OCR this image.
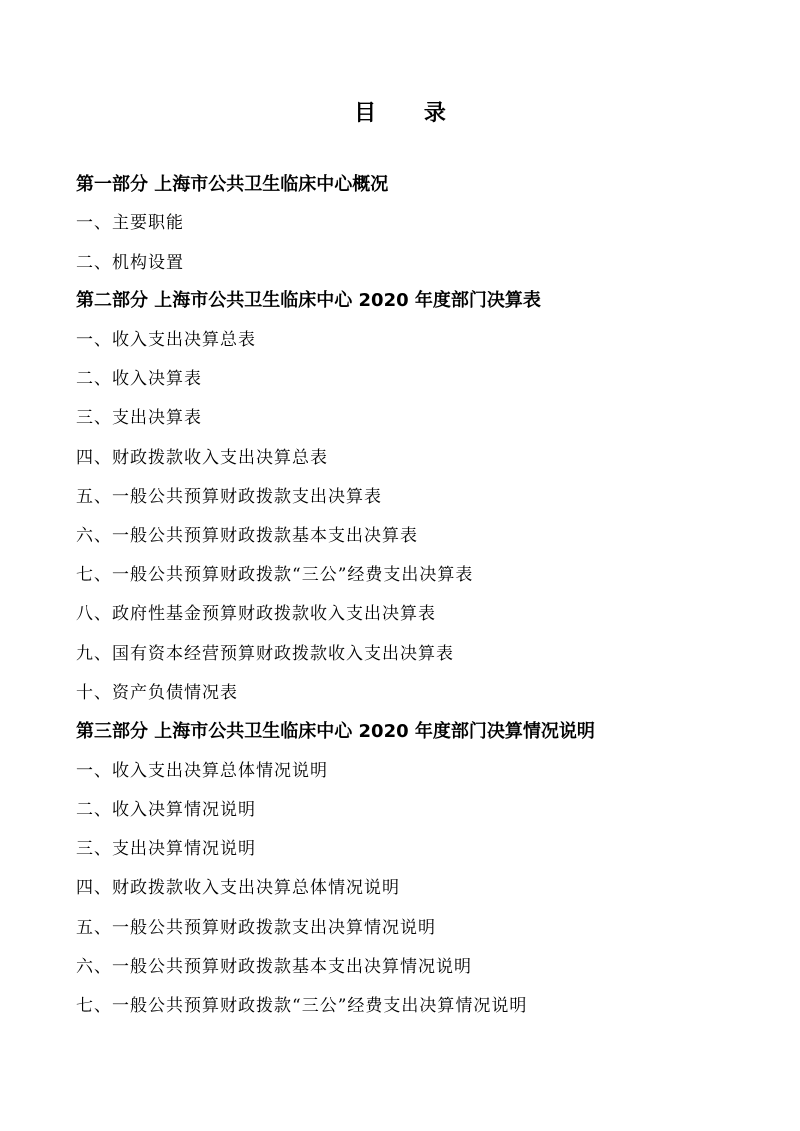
目 录
第一部分 上海市公共卫生临床中心概况
一、主要职能
二、机构设置
第二部分 上海市公共卫生临床中心 2020 年度部门决算表
一、收入支出决算总表
二、收入决算表
三、支出决算表
四、财政拨款收入支出决算总表
五、一般公共预算财政拨款支出决算表
六、一般公共预算财政拨款基本支出决算表
七、一般公共预算财政拨款“三公”经费支出决算表
八、政府性基金预算财政拨款收入支出决算表
九、国有资本经营预算财政拨款收入支出决算表
十、资产负债情况表
第三部分 上海市公共卫生临床中心 2020 年度部门决算情况说明
一、收入支出决算总体情况说明
二、收入决算情况说明
三、支出决算情况说明
四、财政拨款收入支出决算总体情况说明
五、一般公共预算财政拨款支出决算情况说明
六、一般公共预算财政拨款基本支出决算情况说明
七、一般公共预算财政拨款“三公”经费支出决算情况说明
